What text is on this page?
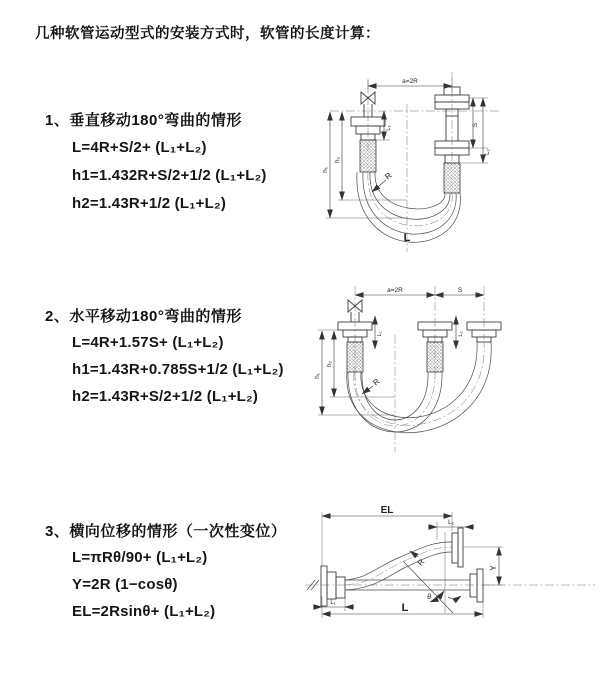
几种软管运动型式的安装方式时，软管的长度计算：
1、垂直移动180°弯曲的情形
L=4R+S/2+ (L₁+L₂)
h1=1.432R+S/2+1/2 (L₁+L₂)
h2=1.43R+1/2 (L₁+L₂)
2、水平移动180°弯曲的情形
L=4R+1.57S+ (L₁+L₂)
h1=1.43R+0.785S+1/2 (L₁+L₂)
h2=1.43R+S/2+1/2 (L₁+L₂)
3、横向位移的情形（一次性变位）
L=πRθ/90+ (L₁+L₂)
Y=2R (1−cosθ)
EL=2Rsinθ+ (L₁+L₂)
a=2R
S
L₂
L₁
h₁
h₂
R
L
a=2R	S
L₁	L₂
h₁
h₂
R
θ
EL
L₂
Y
R
L
L₁
